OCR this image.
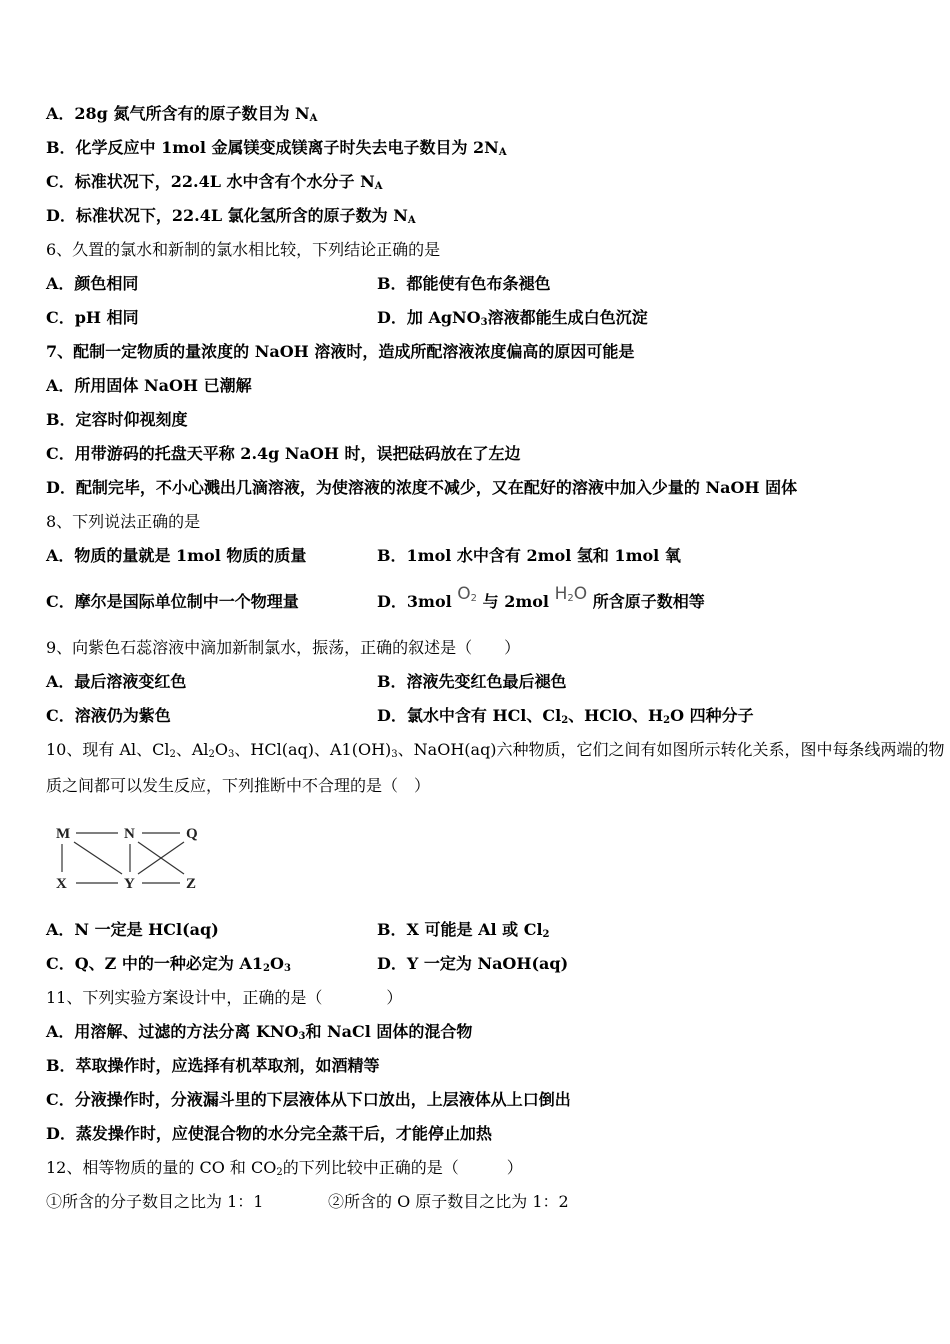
A．28g 氮气所含有的原子数目为 $N_A$
B．化学反应中 1mol 金属镁变成镁离子时失去电子数目为 $2N_A$
C．标准状况下，22.4L 水中含有个水分子 $N_A$
D．标准状况下，22.4L 氯化氢所含的原子数为 $N_A$
6、久置的氯水和新制的氯水相比较，下列结论正确的是
A．颜色相同	B．都能使有色布条褪色
C．pH 相同	D．加 AgNO$_3$溶液都能生成白色沉淀
7、配制一定物质的量浓度的 NaOH 溶液时，造成所配溶液浓度偏高的原因可能是
A．所用固体 NaOH 已潮解
B．定容时仰视刻度
C．用带游码的托盘天平称 2.4g NaOH 时，误把砝码放在了左边
D．配制完毕，不小心溅出几滴溶液，为使溶液的浓度不减少，又在配好的溶液中加入少量的 NaOH 固体
8、下列说法正确的是
A．物质的量就是 1mol 物质的质量	B．1mol 水中含有 2mol 氢和 1mol 氧
C．摩尔是国际单位制中一个物理量	D．3mol $O_2$ 与 2mol $H_2O$ 所含原子数相等
9、向紫色石蕊溶液中滴加新制氯水，振荡，正确的叙述是（　　）
A．最后溶液变红色	B．溶液先变红色最后褪色
C．溶液仍为紫色	D．氯水中含有 HCl、$Cl_2$、HClO、$H_2O$ 四种分子
10、现有 Al、$Cl_2$、$Al_2O_3$、HCl(aq)、$A1(OH)_3$、NaOH(aq)六种物质，它们之间有如图所示转化关系，图中每条线两端的物
质之间都可以发生反应，下列推断中不合理的是（　）
M	N	Q
X	Y	Z
A．N 一定是 HCl(aq)	B．X 可能是 Al 或 $Cl_2$
C．Q、Z 中的一种必定为 $A1_2O_3$	D．Y 一定为 NaOH(aq)
11、下列实验方案设计中，正确的是（　　　　）
A．用溶解、过滤的方法分离 $KNO_3$和 NaCl 固体的混合物
B．萃取操作时，应选择有机萃取剂，如酒精等
C．分液操作时，分液漏斗里的下层液体从下口放出，上层液体从上口倒出
D．蒸发操作时，应使混合物的水分完全蒸干后，才能停止加热
12、相等物质的量的 CO 和 $CO_2$的下列比较中正确的是（　　　）
①所含的分子数目之比为 1：1	②所含的 O 原子数目之比为 1：2
